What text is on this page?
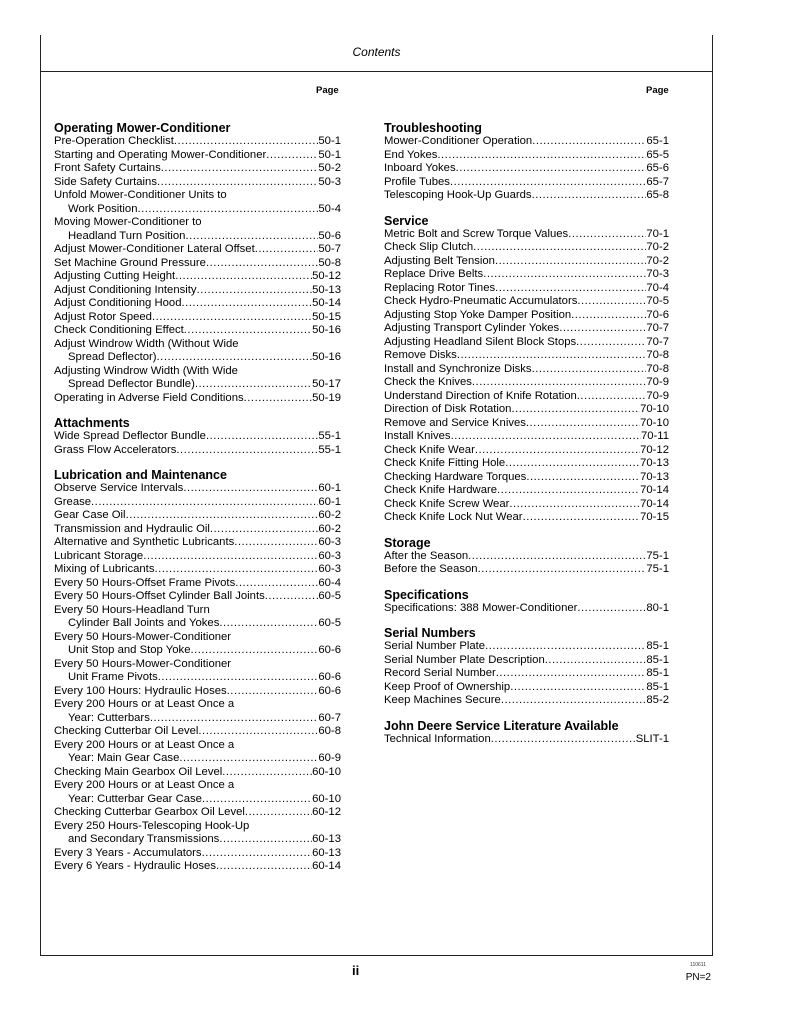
Contents
Page	Page
Operating Mower-Conditioner
Pre-Operation Checklist .....	50-1
Starting and Operating Mower-Conditioner .....	50-1
Front Safety Curtains .....	50-2
Side Safety Curtains .....	50-3
Unfold Mower-Conditioner Units to
Work Position .....	50-4
Moving Mower-Conditioner to
Headland Turn Position .....	50-6
Adjust Mower-Conditioner Lateral Offset .....	50-7
Set Machine Ground Pressure .....	50-8
Adjusting Cutting Height .....	50-12
Adjust Conditioning Intensity .....	50-13
Adjust Conditioning Hood .....	50-14
Adjust Rotor Speed .....	50-15
Check Conditioning Effect .....	50-16
Adjust Windrow Width (Without Wide
Spread Deflector) .....	50-16
Adjusting Windrow Width (With Wide
Spread Deflector Bundle) .....	50-17
Operating in Adverse Field Conditions .....	50-19
Attachments
Wide Spread Deflector Bundle .....	55-1
Grass Flow Accelerators .....	55-1
Lubrication and Maintenance
Observe Service Intervals .....	60-1
Grease .....	60-1
Gear Case Oil .....	60-2
Transmission and Hydraulic Oil .....	60-2
Alternative and Synthetic Lubricants .....	60-3
Lubricant Storage .....	60-3
Mixing of Lubricants .....	60-3
Every 50 Hours-Offset Frame Pivots .....	60-4
Every 50 Hours-Offset Cylinder Ball Joints .....	60-5
Every 50 Hours-Headland Turn
Cylinder Ball Joints and Yokes .....	60-5
Every 50 Hours-Mower-Conditioner
Unit Stop and Stop Yoke .....	60-6
Every 50 Hours-Mower-Conditioner
Unit Frame Pivots .....	60-6
Every 100 Hours: Hydraulic Hoses .....	60-6
Every 200 Hours or at Least Once a
Year: Cutterbars .....	60-7
Checking Cutterbar Oil Level .....	60-8
Every 200 Hours or at Least Once a
Year: Main Gear Case .....	60-9
Checking Main Gearbox Oil Level .....	60-10
Every 200 Hours or at Least Once a
Year: Cutterbar Gear Case .....	60-10
Checking Cutterbar Gearbox Oil Level .....	60-12
Every 250 Hours-Telescoping Hook-Up
and Secondary Transmissions .....	60-13
Every 3 Years - Accumulators .....	60-13
Every 6 Years - Hydraulic Hoses .....	60-14
Troubleshooting
Mower-Conditioner Operation .....	65-1
End Yokes .....	65-5
Inboard Yokes .....	65-6
Profile Tubes .....	65-7
Telescoping Hook-Up Guards .....	65-8
Service
Metric Bolt and Screw Torque Values .....	70-1
Check Slip Clutch .....	70-2
Adjusting Belt Tension .....	70-2
Replace Drive Belts .....	70-3
Replacing Rotor Tines .....	70-4
Check Hydro-Pneumatic Accumulators .....	70-5
Adjusting Stop Yoke Damper Position .....	70-6
Adjusting Transport Cylinder Yokes .....	70-7
Adjusting Headland Silent Block Stops .....	70-7
Remove Disks .....	70-8
Install and Synchronize Disks .....	70-8
Check the Knives .....	70-9
Understand Direction of Knife Rotation .....	70-9
Direction of Disk Rotation .....	70-10
Remove and Service Knives .....	70-10
Install Knives .....	70-11
Check Knife Wear .....	70-12
Check Knife Fitting Hole .....	70-13
Checking Hardware Torques .....	70-13
Check Knife Hardware .....	70-14
Check Knife Screw Wear .....	70-14
Check Knife Lock Nut Wear .....	70-15
Storage
After the Season .....	75-1
Before the Season .....	75-1
Specifications
Specifications: 388 Mower-Conditioner .....	80-1
Serial Numbers
Serial Number Plate .....	85-1
Serial Number Plate Description .....	85-1
Record Serial Number .....	85-1
Keep Proof of Ownership .....	85-1
Keep Machines Secure .....	85-2
John Deere Service Literature Available
Technical Information .....	SLIT-1
ii	110611
PN=2
